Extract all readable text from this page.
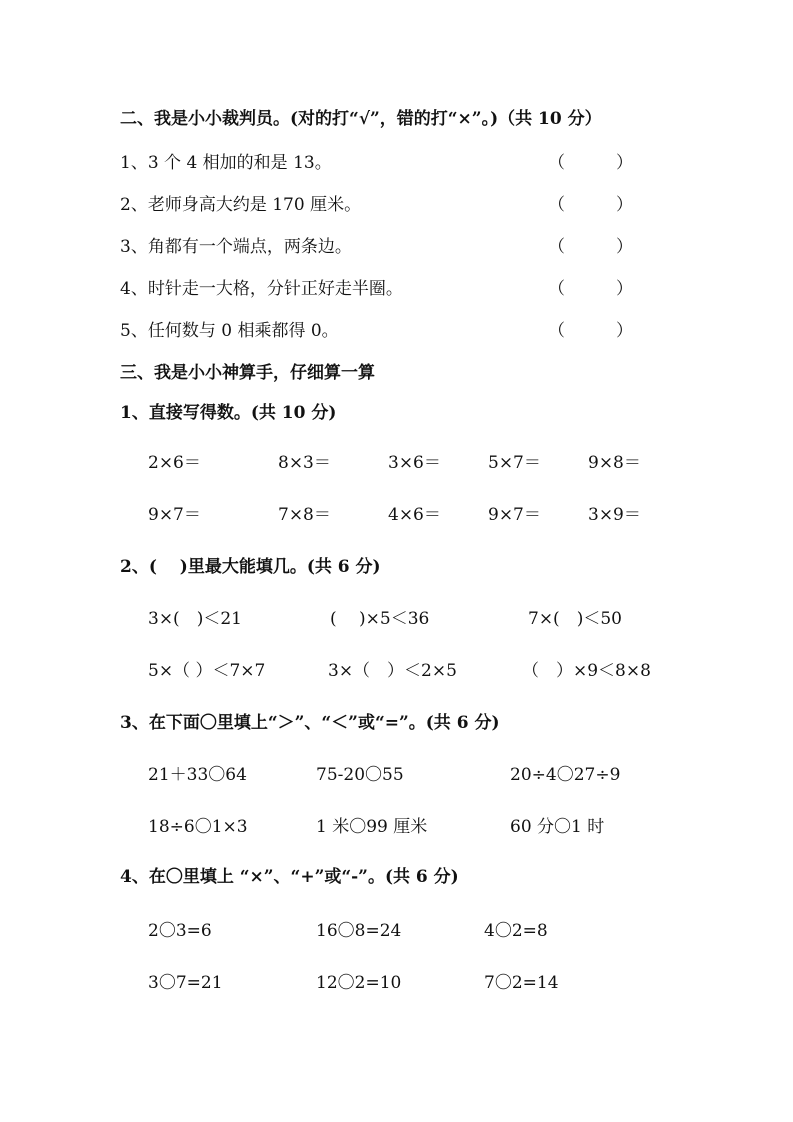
二、我是小小裁判员。(对的打“√”，错的打“×”。)（共 10 分）
1、3 个 4 相加的和是 13。	（　　　）
2、老师身高大约是 170 厘米。	（　　　）
3、角都有一个端点，两条边。	（　　　）
4、时针走一大格，分针正好走半圈。	（　　　）
5、任何数与 0 相乘都得 0。	（　　　）
三、我是小小神算手，仔细算一算
1、直接写得数。(共 10 分)
2×6＝	8×3＝	3×6＝	5×7＝	9×8＝
9×7＝	7×8＝	4×6＝	9×7＝	3×9＝
2、(　 )里最大能填几。(共 6 分)
3×(　)＜21	(　 )×5＜36	7×(　)＜50
5×（ ）＜7×7	3×（　）＜2×5	（　）×9＜8×8
3、在下面〇里填上“＞”、“＜”或“=”。(共 6 分)
21＋33〇64	75-20〇55	20÷4〇27÷9
18÷6〇1×3	1 米〇99 厘米	60 分〇1 时
4、在〇里填上 “×”、“+”或“-”。(共 6 分)
2〇3=6	16〇8=24	4〇2=8
3〇7=21	12〇2=10	7〇2=14
